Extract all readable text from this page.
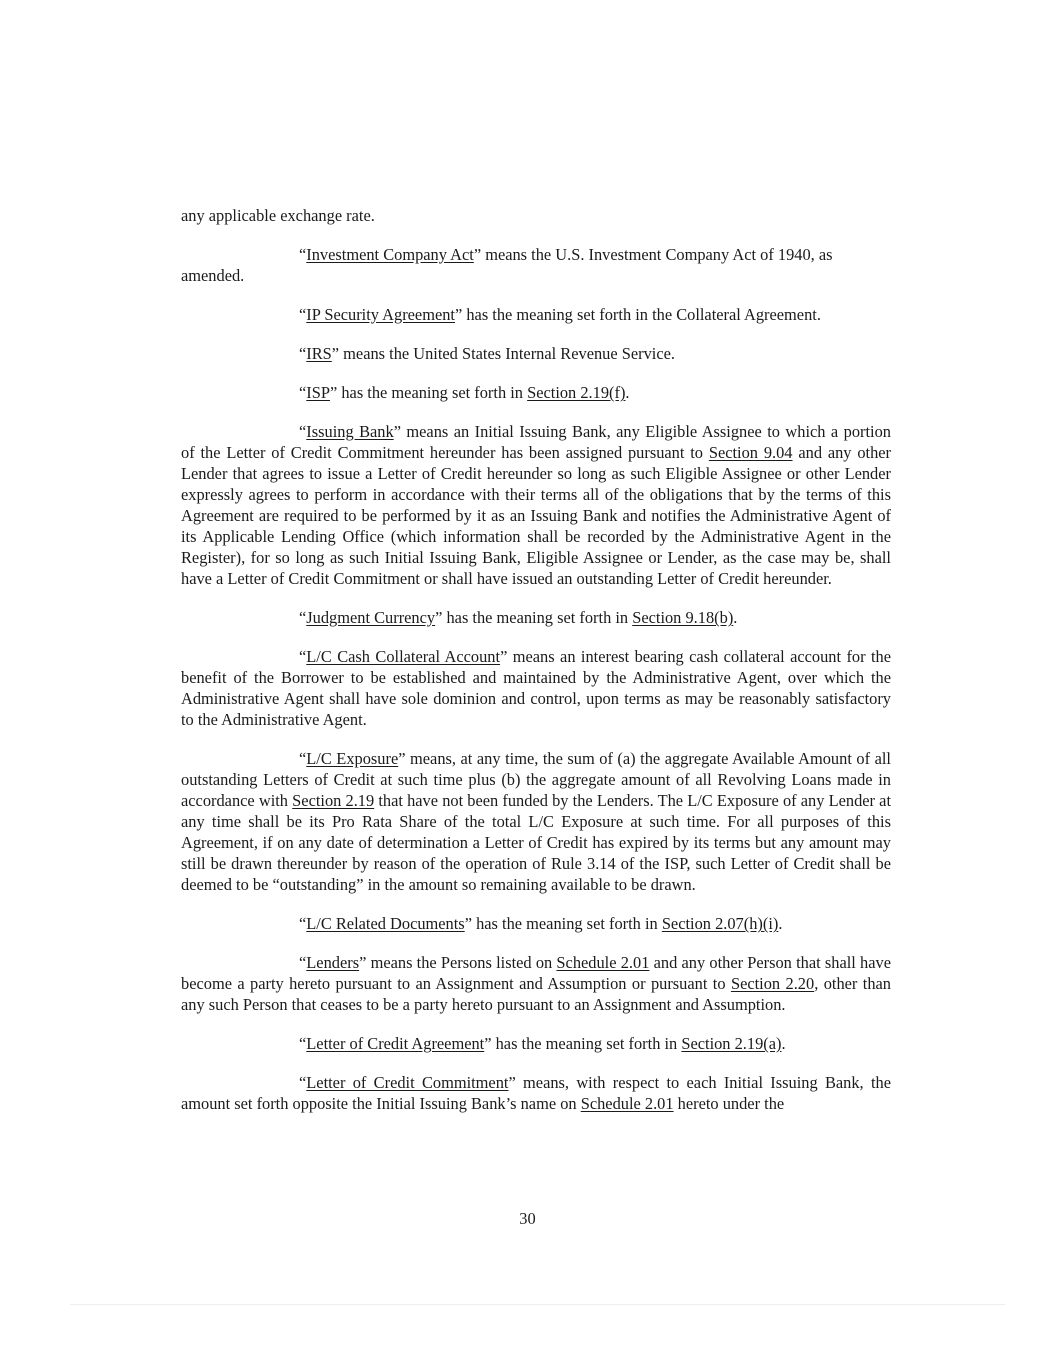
any applicable exchange rate.

“Investment Company Act” means the U.S. Investment Company Act of 1940, as

amended.

“IP Security Agreement” has the meaning set forth in the Collateral Agreement.

“IRS” means the United States Internal Revenue Service.

“ISP” has the meaning set forth in Section 2.19(f).

“Issuing Bank” means an Initial Issuing Bank, any Eligible Assignee to which a portion of the Letter of Credit Commitment hereunder has been assigned pursuant to Section 9.04 and any other Lender that agrees to issue a Letter of Credit hereunder so long as such Eligible Assignee or other Lender expressly agrees to perform in accordance with their terms all of the obligations that by the terms of this Agreement are required to be performed by it as an Issuing Bank and notifies the Administrative Agent of its Applicable Lending Office (which information shall be recorded by the Administrative Agent in the Register), for so long as such Initial Issuing Bank, Eligible Assignee or Lender, as the case may be, shall have a Letter of Credit Commitment or shall have issued an outstanding Letter of Credit hereunder.

“Judgment Currency” has the meaning set forth in Section 9.18(b).

“L/C Cash Collateral Account” means an interest bearing cash collateral account for the benefit of the Borrower to be established and maintained by the Administrative Agent, over which the Administrative Agent shall have sole dominion and control, upon terms as may be reasonably satisfactory to the Administrative Agent.

“L/C Exposure” means, at any time, the sum of (a) the aggregate Available Amount of all outstanding Letters of Credit at such time plus (b) the aggregate amount of all Revolving Loans made in accordance with Section 2.19 that have not been funded by the Lenders. The L/C Exposure of any Lender at any time shall be its Pro Rata Share of the total L/C Exposure at such time. For all purposes of this Agreement, if on any date of determination a Letter of Credit has expired by its terms but any amount may still be drawn thereunder by reason of the operation of Rule 3.14 of the ISP, such Letter of Credit shall be deemed to be “outstanding” in the amount so remaining available to be drawn.

“L/C Related Documents” has the meaning set forth in Section 2.07(h)(i).

“Lenders” means the Persons listed on Schedule 2.01 and any other Person that shall have become a party hereto pursuant to an Assignment and Assumption or pursuant to Section 2.20, other than any such Person that ceases to be a party hereto pursuant to an Assignment and Assumption.

“Letter of Credit Agreement” has the meaning set forth in Section 2.19(a).

“Letter of Credit Commitment” means, with respect to each Initial Issuing Bank, the amount set forth opposite the Initial Issuing Bank’s name on Schedule 2.01 hereto under the

30
